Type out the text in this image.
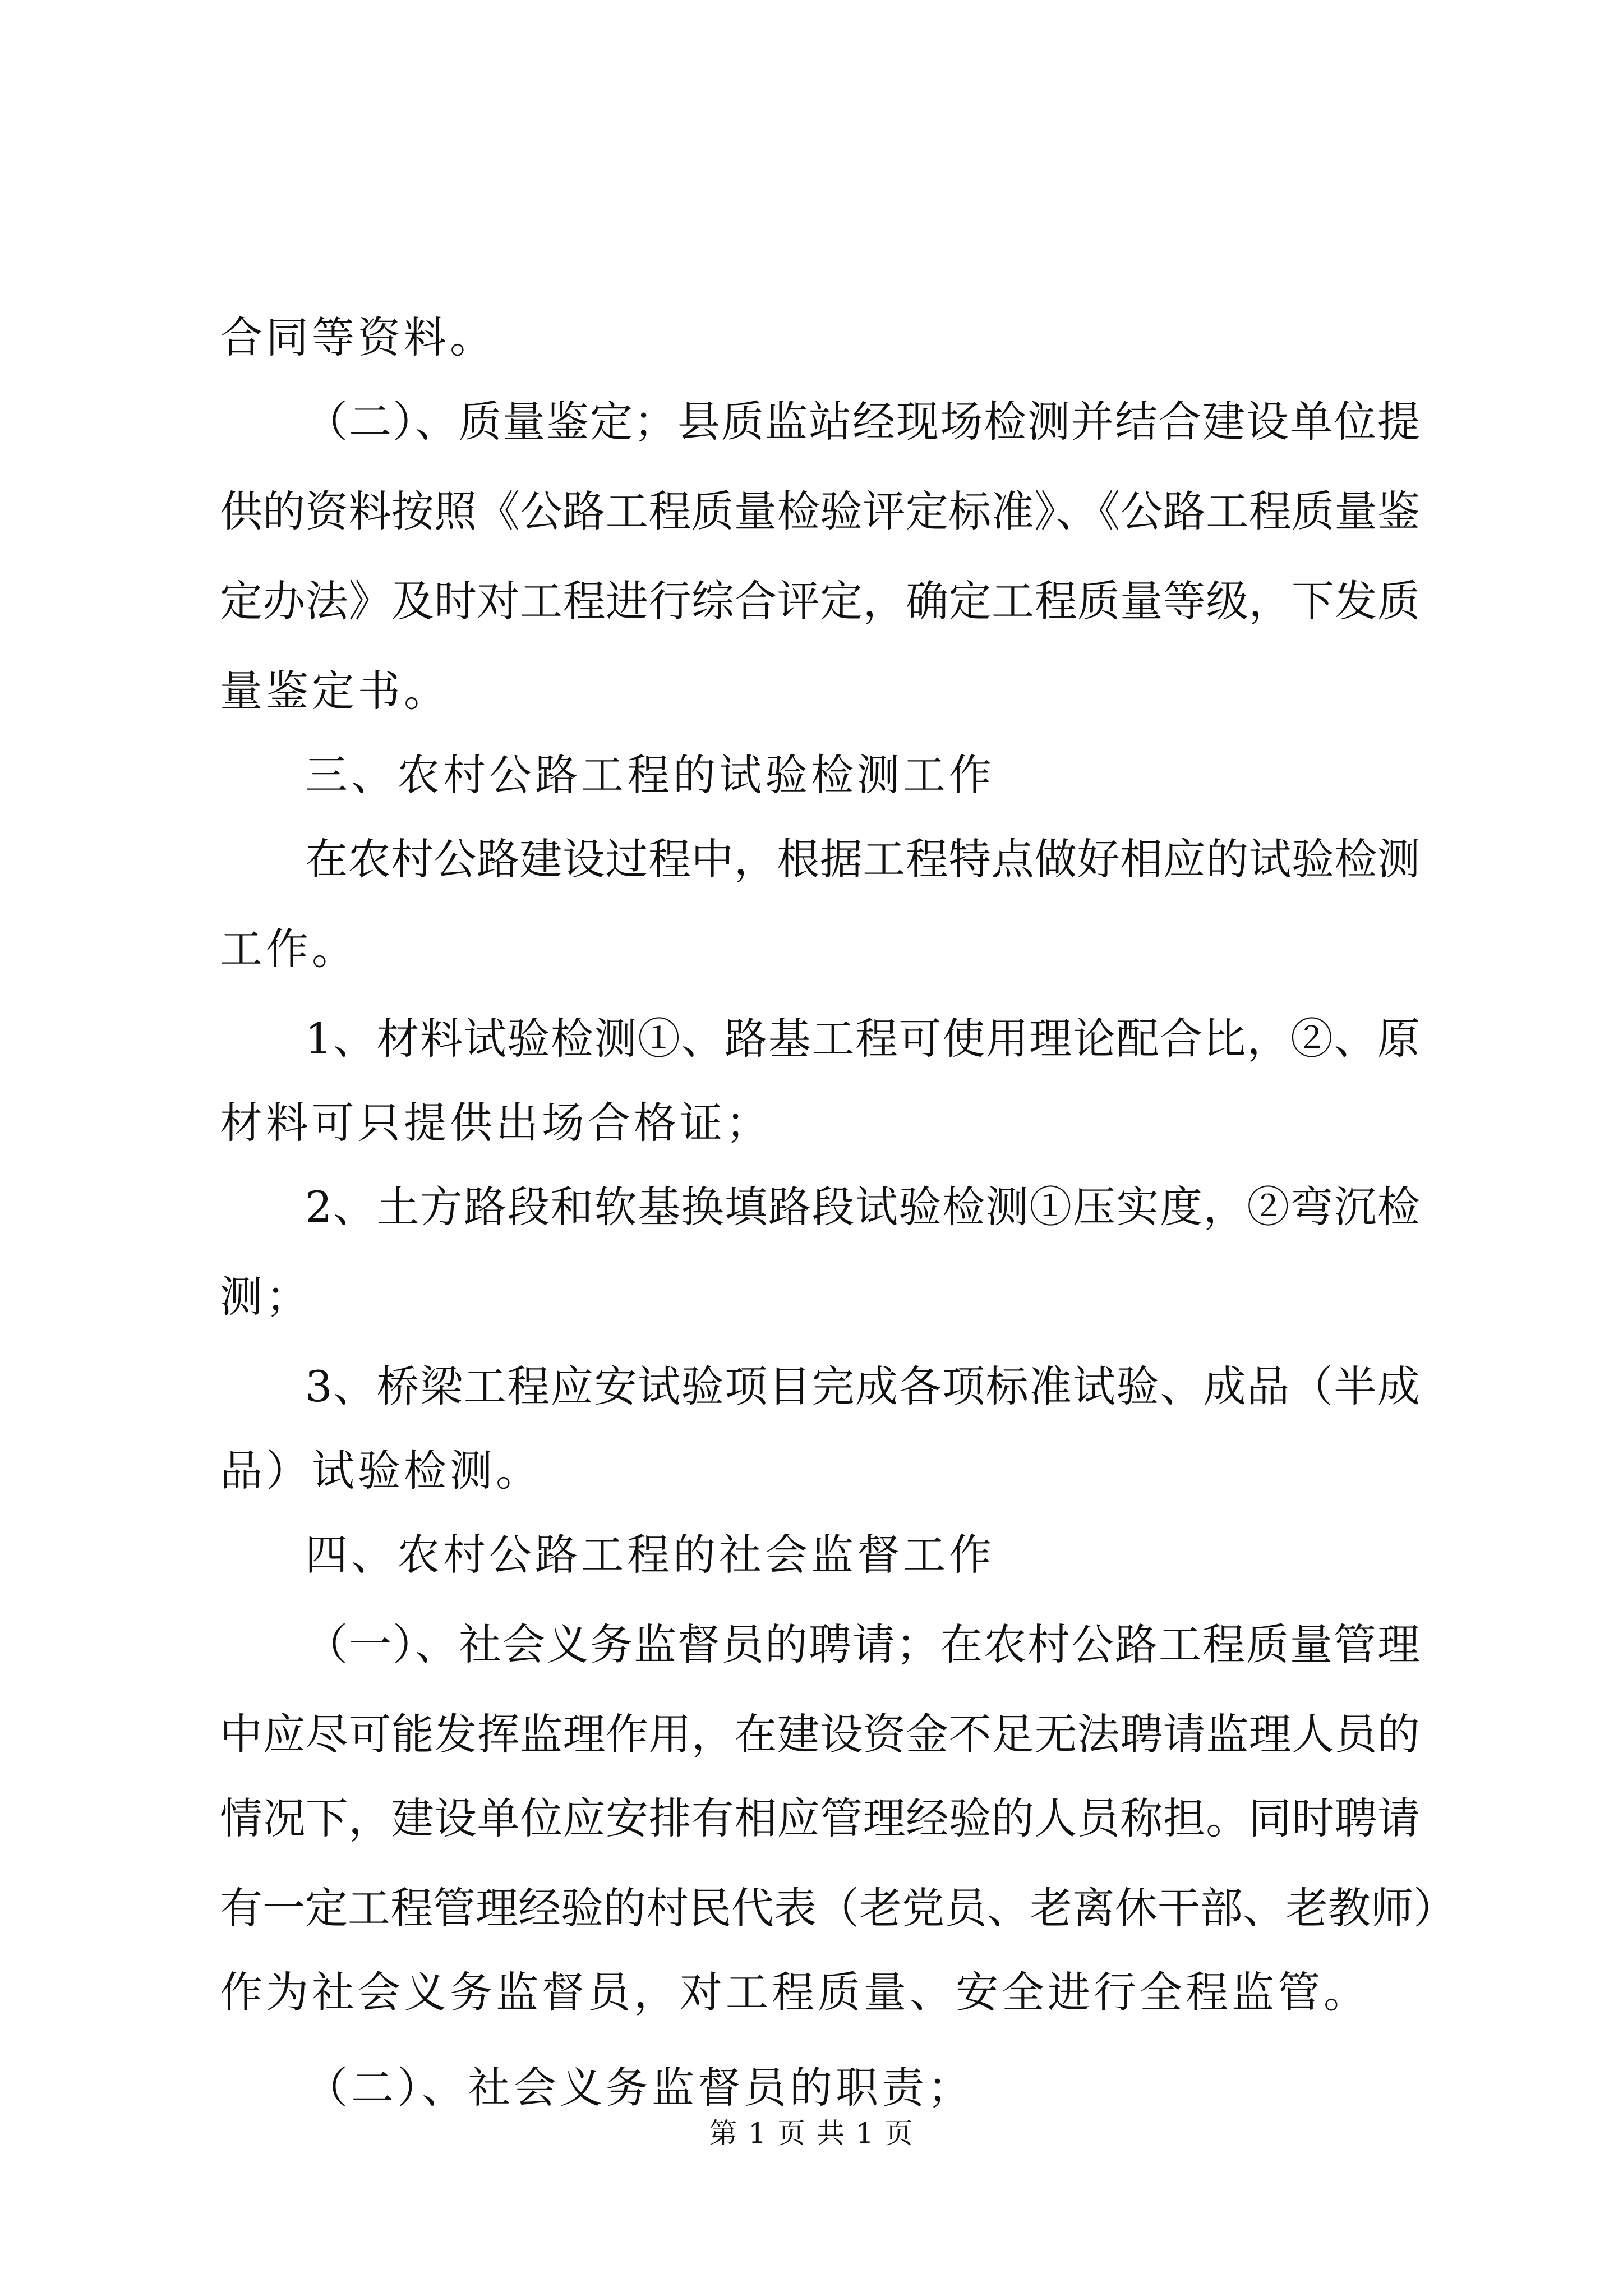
合同等资料。
（二）、质量鉴定；县质监站经现场检测并结合建设单位提
供的资料按照《公路工程质量检验评定标准》、《公路工程质量鉴
定办法》及时对工程进行综合评定，确定工程质量等级，下发质
量鉴定书。
三、农村公路工程的试验检测工作
在农村公路建设过程中，根据工程特点做好相应的试验检测
工作。
1、材料试验检测①、路基工程可使用理论配合比，②、原
材料可只提供出场合格证；
2、土方路段和软基换填路段试验检测①压实度，②弯沉检
测；
3、桥梁工程应安试验项目完成各项标准试验、成品（半成
品）试验检测。
四、农村公路工程的社会监督工作
（一）、社会义务监督员的聘请；在农村公路工程质量管理
中应尽可能发挥监理作用，在建设资金不足无法聘请监理人员的
情况下，建设单位应安排有相应管理经验的人员称担。同时聘请
有一定工程管理经验的村民代表（老党员、老离休干部、老教师）
作为社会义务监督员，对工程质量、安全进行全程监管。
（二）、社会义务监督员的职责；
第 1 页 共 1 页
